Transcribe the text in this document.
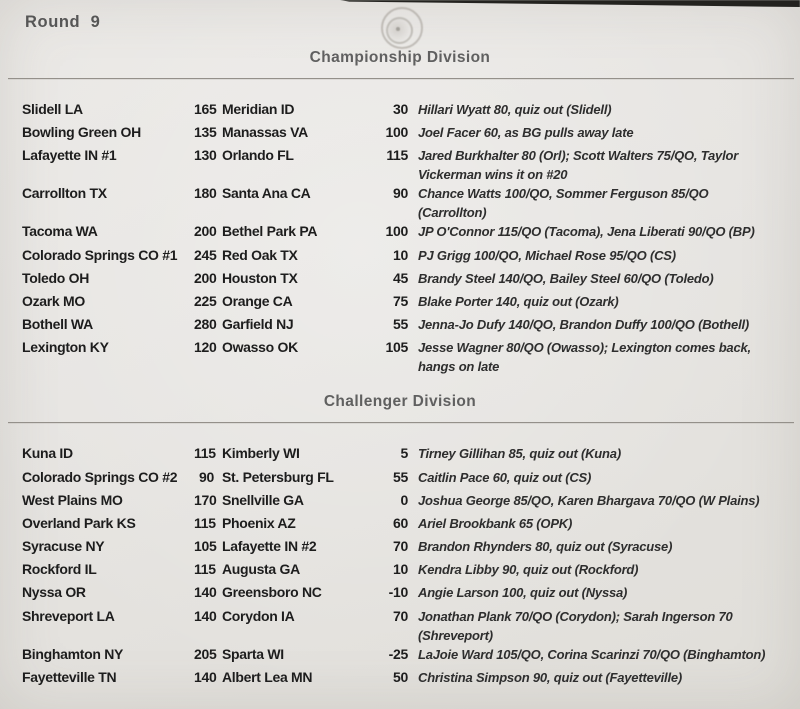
Round  9
Championship Division
Slidell LA	165 Meridian ID	30 Hillari Wyatt 80, quiz out (Slidell)
Bowling Green OH	135 Manassas VA	100 Joel Facer 60, as BG pulls away late
Lafayette IN #1	130 Orlando FL	115 Jared Burkhalter 80 (Orl); Scott Walters 75/QO, Taylor Vickerman wins it on #20
Carrollton TX	180 Santa Ana CA	90 Chance Watts 100/QO, Sommer Ferguson 85/QO (Carrollton)
Tacoma WA	200 Bethel Park PA	100 JP O'Connor 115/QO (Tacoma), Jena Liberati 90/QO (BP)
Colorado Springs CO #1	245 Red Oak TX	10 PJ Grigg 100/QO, Michael Rose 95/QO (CS)
Toledo OH	200 Houston TX	45 Brandy Steel 140/QO, Bailey Steel 60/QO (Toledo)
Ozark MO	225 Orange CA	75 Blake Porter 140, quiz out (Ozark)
Bothell WA	280 Garfield NJ	55 Jenna-Jo Dufy 140/QO, Brandon Duffy 100/QO (Bothell)
Lexington KY	120 Owasso OK	105 Jesse Wagner 80/QO (Owasso); Lexington comes back, hangs on late
Challenger Division
Kuna ID	115 Kimberly WI	5 Tirney Gillihan 85, quiz out (Kuna)
Colorado Springs CO #2	90 St. Petersburg FL	55 Caitlin Pace 60, quiz out (CS)
West Plains MO	170 Snellville GA	0 Joshua George 85/QO, Karen Bhargava 70/QO (W Plains)
Overland Park KS	115 Phoenix AZ	60 Ariel Brookbank 65 (OPK)
Syracuse NY	105 Lafayette IN #2	70 Brandon Rhynders 80, quiz out (Syracuse)
Rockford IL	115 Augusta GA	10 Kendra Libby 90, quiz out (Rockford)
Nyssa OR	140 Greensboro NC	-10 Angie Larson 100, quiz out (Nyssa)
Shreveport LA	140 Corydon IA	70 Jonathan Plank 70/QO (Corydon); Sarah Ingerson 70 (Shreveport)
Binghamton NY	205 Sparta WI	-25 LaJoie Ward 105/QO, Corina Scarinzi 70/QO (Binghamton)
Fayetteville TN	140 Albert Lea MN	50 Christina Simpson 90, quiz out (Fayetteville)
